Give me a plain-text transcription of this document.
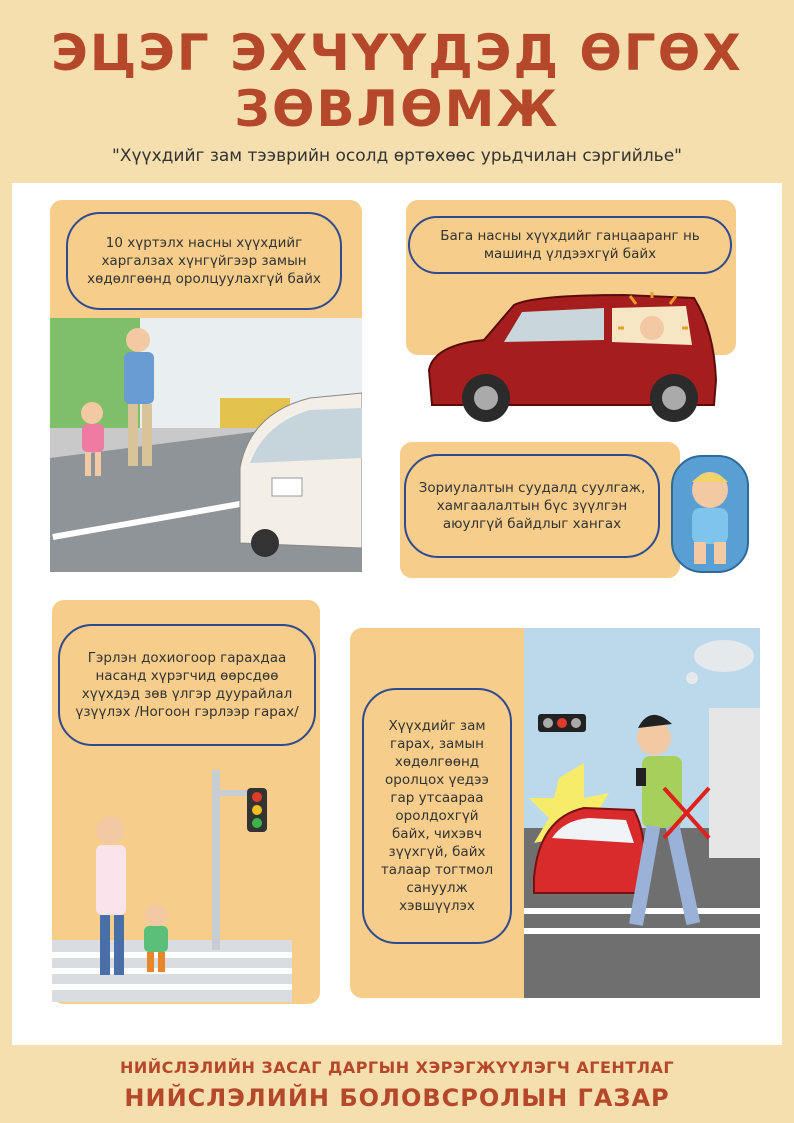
ЭЦЭГ ЭХЧҮҮДЭД ӨГӨХ
ЗӨВЛӨМЖ
"Хүүхдийг зам тээврийн осолд өртөхөөс урьдчилан сэргийлье"
10 хүртэлх насны хүүхдийг харгалзах хүнгүйгээр замын хөдөлгөөнд оролцуулахгүй байх
Бага насны хүүхдийг ганцааранг нь машинд үлдээхгүй байх
Зориулалтын суудалд суулгаж, хамгаалалтын бүс зүүлгэн аюулгүй байдлыг хангах
Гэрлэн дохиогоор гарахдаа насанд хүрэгчид өөрсдөө хүүхдэд зөв үлгэр дуурайлал үзүүлэх /Ногоон гэрлээр гарах/
Хүүхдийг зам гарах, замын хөдөлгөөнд оролцох үедээ гар утсаараа оролдохгүй байх, чихэвч зүүхгүй, байх талаар тогтмол сануулж хэвшүүлэх
НИЙСЛЭЛИЙН ЗАСАГ ДАРГЫН ХЭРЭГЖҮҮЛЭГЧ АГЕНТЛАГ
НИЙСЛЭЛИЙН БОЛОВСРОЛЫН ГАЗАР
